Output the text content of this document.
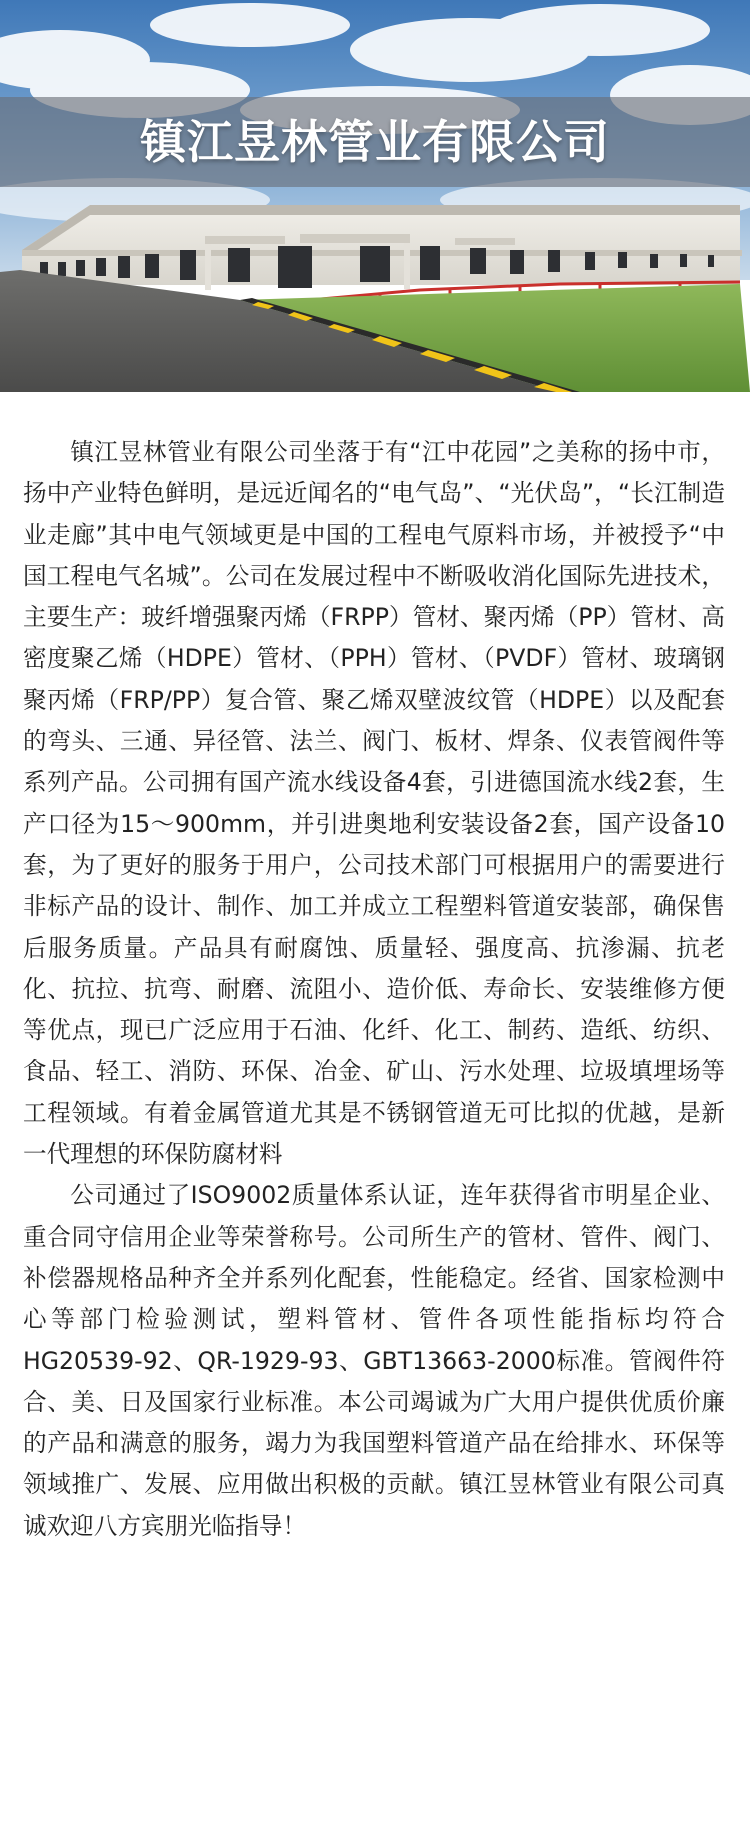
镇江昱林管业有限公司

镇江昱林管业有限公司坐落于有“江中花园”之美称的扬中市，扬中产业特色鲜明，是远近闻名的“电气岛”、“光伏岛”，“长江制造业走廊”其中电气领域更是中国的工程电气原料市场，并被授予“中国工程电气名城”。公司在发展过程中不断吸收消化国际先进技术，主要生产：玻纤增强聚丙烯（FRPP）管材、聚丙烯（PP）管材、高密度聚乙烯（HDPE）管材、（PPH）管材、（PVDF）管材、玻璃钢聚丙烯（FRP/PP）复合管、聚乙烯双壁波纹管（HDPE）以及配套的弯头、三通、异径管、法兰、阀门、板材、焊条、仪表管阀件等系列产品。公司拥有国产流水线设备4套，引进德国流水线2套，生产口径为15～900mm，并引进奥地利安装设备2套，国产设备10套，为了更好的服务于用户，公司技术部门可根据用户的需要进行非标产品的设计、制作、加工并成立工程塑料管道安装部，确保售后服务质量。产品具有耐腐蚀、质量轻、强度高、抗渗漏、抗老化、抗拉、抗弯、耐磨、流阻小、造价低、寿命长、安装维修方便等优点，现已广泛应用于石油、化纤、化工、制药、造纸、纺织、食品、轻工、消防、环保、冶金、矿山、污水处理、垃圾填埋场等工程领域。有着金属管道尤其是不锈钢管道无可比拟的优越，是新一代理想的环保防腐材料

公司通过了ISO9002质量体系认证，连年获得省市明星企业、重合同守信用企业等荣誉称号。公司所生产的管材、管件、阀门、补偿器规格品种齐全并系列化配套，性能稳定。经省、国家检测中心等部门检验测试，塑料管材、管件各项性能指标均符合HG20539-92、QR-1929-93、GBT13663-2000标准。管阀件符合、美、日及国家行业标准。本公司竭诚为广大用户提供优质价廉的产品和满意的服务，竭力为我国塑料管道产品在给排水、环保等领域推广、发展、应用做出积极的贡献。镇江昱林管业有限公司真诚欢迎八方宾朋光临指导！
